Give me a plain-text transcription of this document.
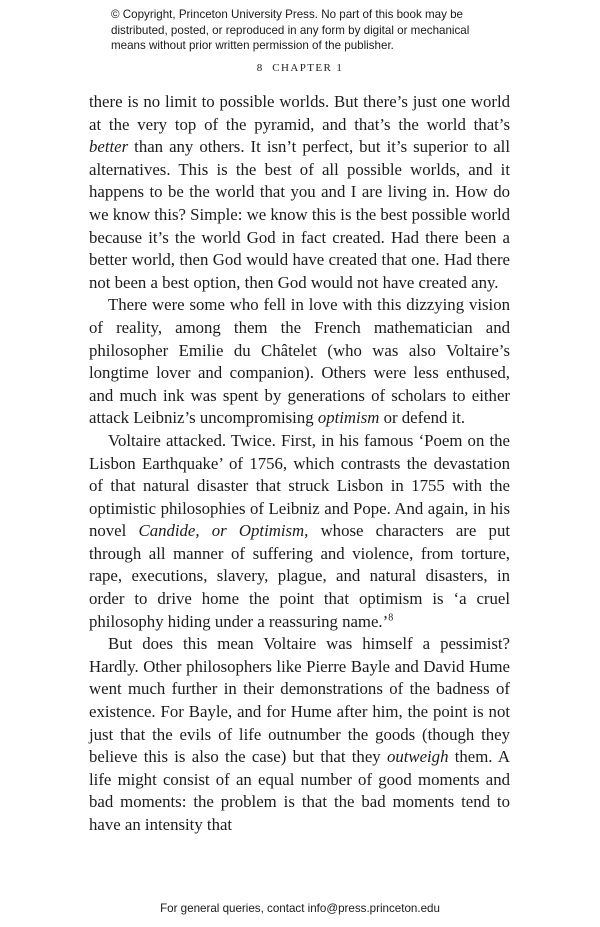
© Copyright, Princeton University Press. No part of this book may be
distributed, posted, or reproduced in any form by digital or mechanical
means without prior written permission of the publisher.
8 CHAPTER 1

there is no limit to possible worlds. But there’s just one world at the very top of the pyramid, and that’s the world that’s better than any others. It isn’t perfect, but it’s superior to all alternatives. This is the best of all possible worlds, and it happens to be the world that you and I are living in. How do we know this? Simple: we know this is the best possible world because it’s the world God in fact created. Had there been a better world, then God would have created that one. Had there not been a best option, then God would not have created any.

There were some who fell in love with this dizzying vision of reality, among them the French mathematician and philosopher Emilie du Châtelet (who was also Voltaire’s longtime lover and companion). Others were less enthused, and much ink was spent by generations of scholars to either attack Leibniz’s uncompromising optimism or defend it.

Voltaire attacked. Twice. First, in his famous ‘Poem on the Lisbon Earthquake’ of 1756, which contrasts the devastation of that natural disaster that struck Lisbon in 1755 with the optimistic philosophies of Leibniz and Pope. And again, in his novel Candide, or Optimism, whose characters are put through all manner of suffering and violence, from torture, rape, executions, slavery, plague, and natural disasters, in order to drive home the point that optimism is ‘a cruel philosophy hiding under a reassuring name.’$^8$

But does this mean Voltaire was himself a pessimist? Hardly. Other philosophers like Pierre Bayle and David Hume went much further in their demonstrations of the badness of existence. For Bayle, and for Hume after him, the point is not just that the evils of life outnumber the goods (though they believe this is also the case) but that they outweigh them. A life might consist of an equal number of good moments and bad moments: the problem is that the bad moments tend to have an intensity that

For general queries, contact info@press.princeton.edu
